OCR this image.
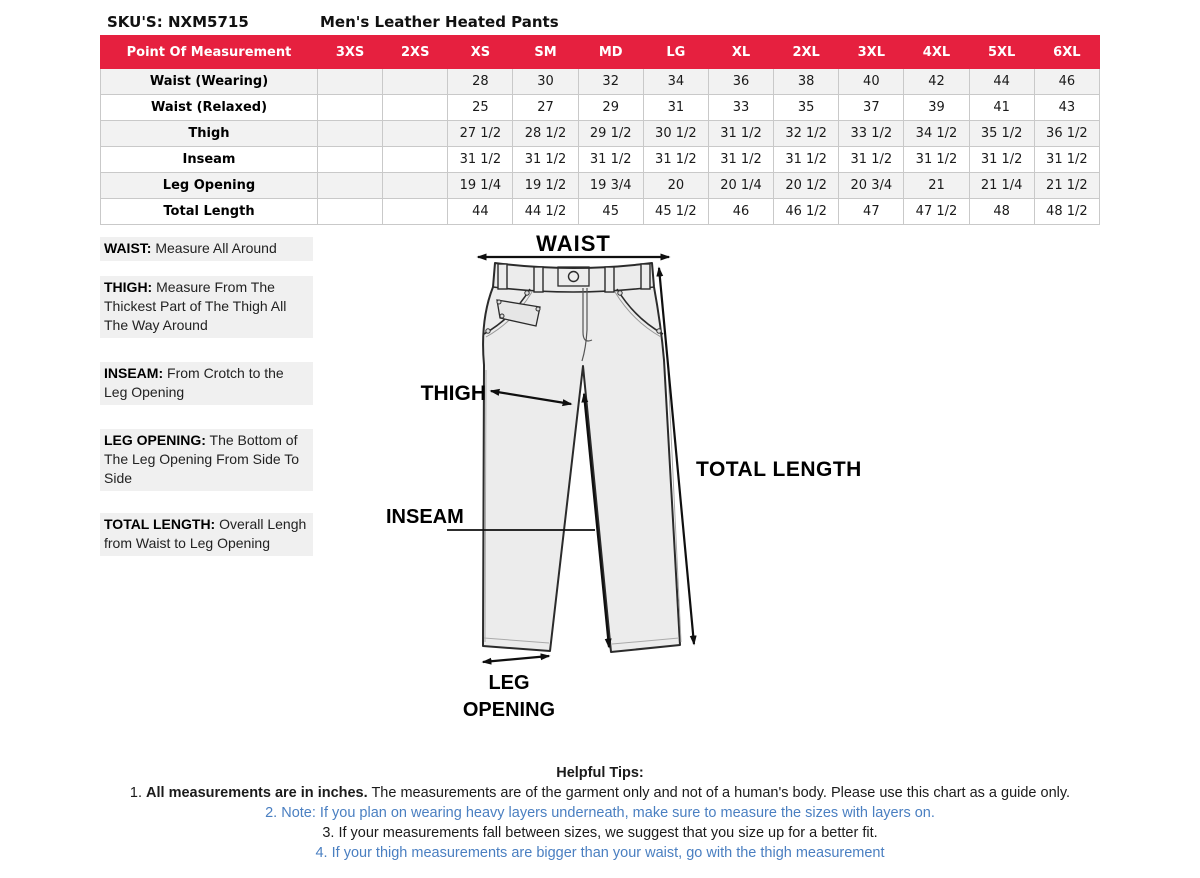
SKU'S: NXM5715	Men's Leather Heated Pants
Point Of Measurement	3XS	2XS	XS	SM	MD	LG	XL	2XL	3XL	4XL	5XL	6XL
Waist (Wearing)			28	30	32	34	36	38	40	42	44	46
Waist (Relaxed)			25	27	29	31	33	35	37	39	41	43
Thigh			27 1/2	28 1/2	29 1/2	30 1/2	31 1/2	32 1/2	33 1/2	34 1/2	35 1/2	36 1/2
Inseam			31 1/2	31 1/2	31 1/2	31 1/2	31 1/2	31 1/2	31 1/2	31 1/2	31 1/2	31 1/2
Leg Opening			19 1/4	19 1/2	19 3/4	20	20 1/4	20 1/2	20 3/4	21	21 1/4	21 1/2
Total Length			44	44 1/2	45	45 1/2	46	46 1/2	47	47 1/2	48	48 1/2
WAIST: Measure All Around
THIGH: Measure From The Thickest Part of The Thigh All The Way Around
INSEAM: From Crotch to the Leg Opening
LEG OPENING: The Bottom of The Leg Opening From Side To Side
TOTAL LENGTH: Overall Lengh from Waist to Leg Opening
WAIST
THIGH
TOTAL LENGTH
INSEAM
LEG
OPENING
Helpful Tips:
1. All measurements are in inches. The measurements are of the garment only and not of a human's body. Please use this chart as a guide only.
2. Note: If you plan on wearing heavy layers underneath, make sure to measure the sizes with layers on.
3. If your measurements fall between sizes, we suggest that you size up for a better fit.
4. If your thigh measurements are bigger than your waist, go with the thigh measurement
